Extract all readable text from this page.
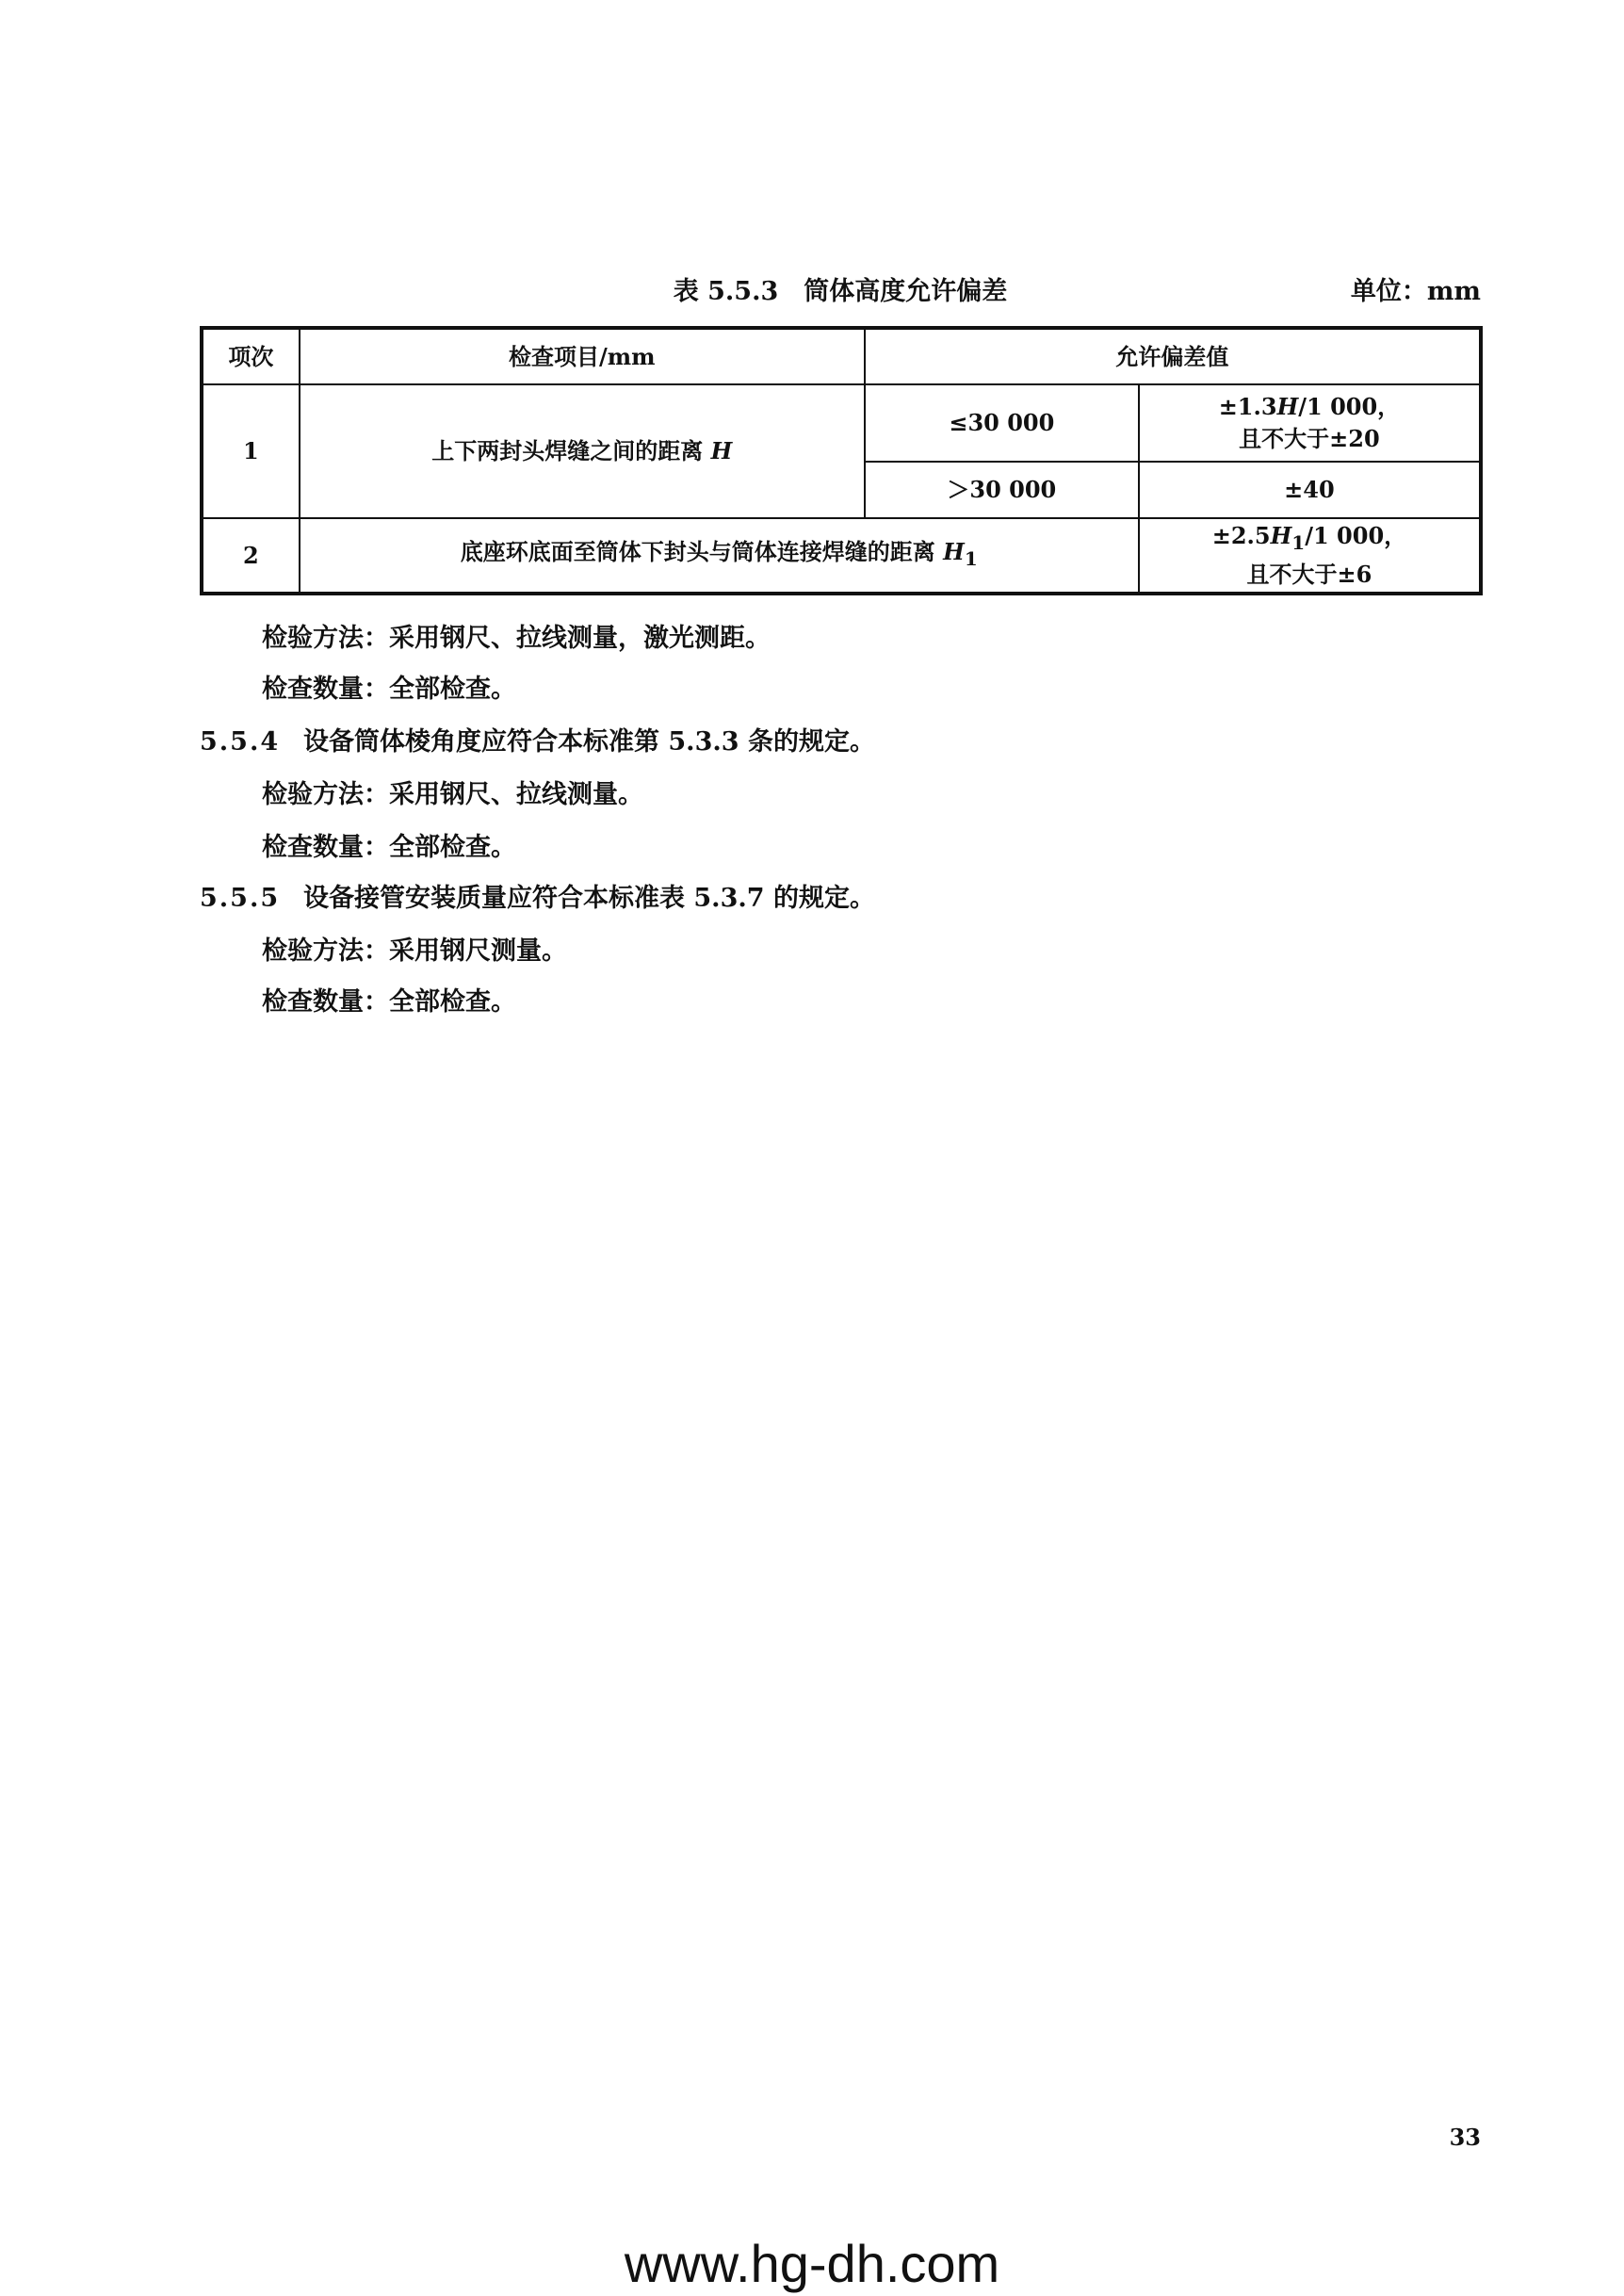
表 5.5.3　筒体高度允许偏差	单位：mm
项次	检查项目/mm	允许偏差值	
1	上下两封头焊缝之间的距离 H	≤30 000	±1.3H/1 000，
且不大于±20

		＞30 000	±40
2	底座环底面至筒体下封头与筒体连接焊缝的距离 $H_1$		$\pm 2.5H_1/1$ 000，
且不大于±6
检验方法：采用钢尺、拉线测量，激光测距。
检查数量：全部检查。
5.5.4 设备筒体棱角度应符合本标准第 5.3.3 条的规定。
检验方法：采用钢尺、拉线测量。
检查数量：全部检查。
5.5.5 设备接管安装质量应符合本标准表 5.3.7 的规定。
检验方法：采用钢尺测量。
检查数量：全部检查。
33
www.hg-dh.com
